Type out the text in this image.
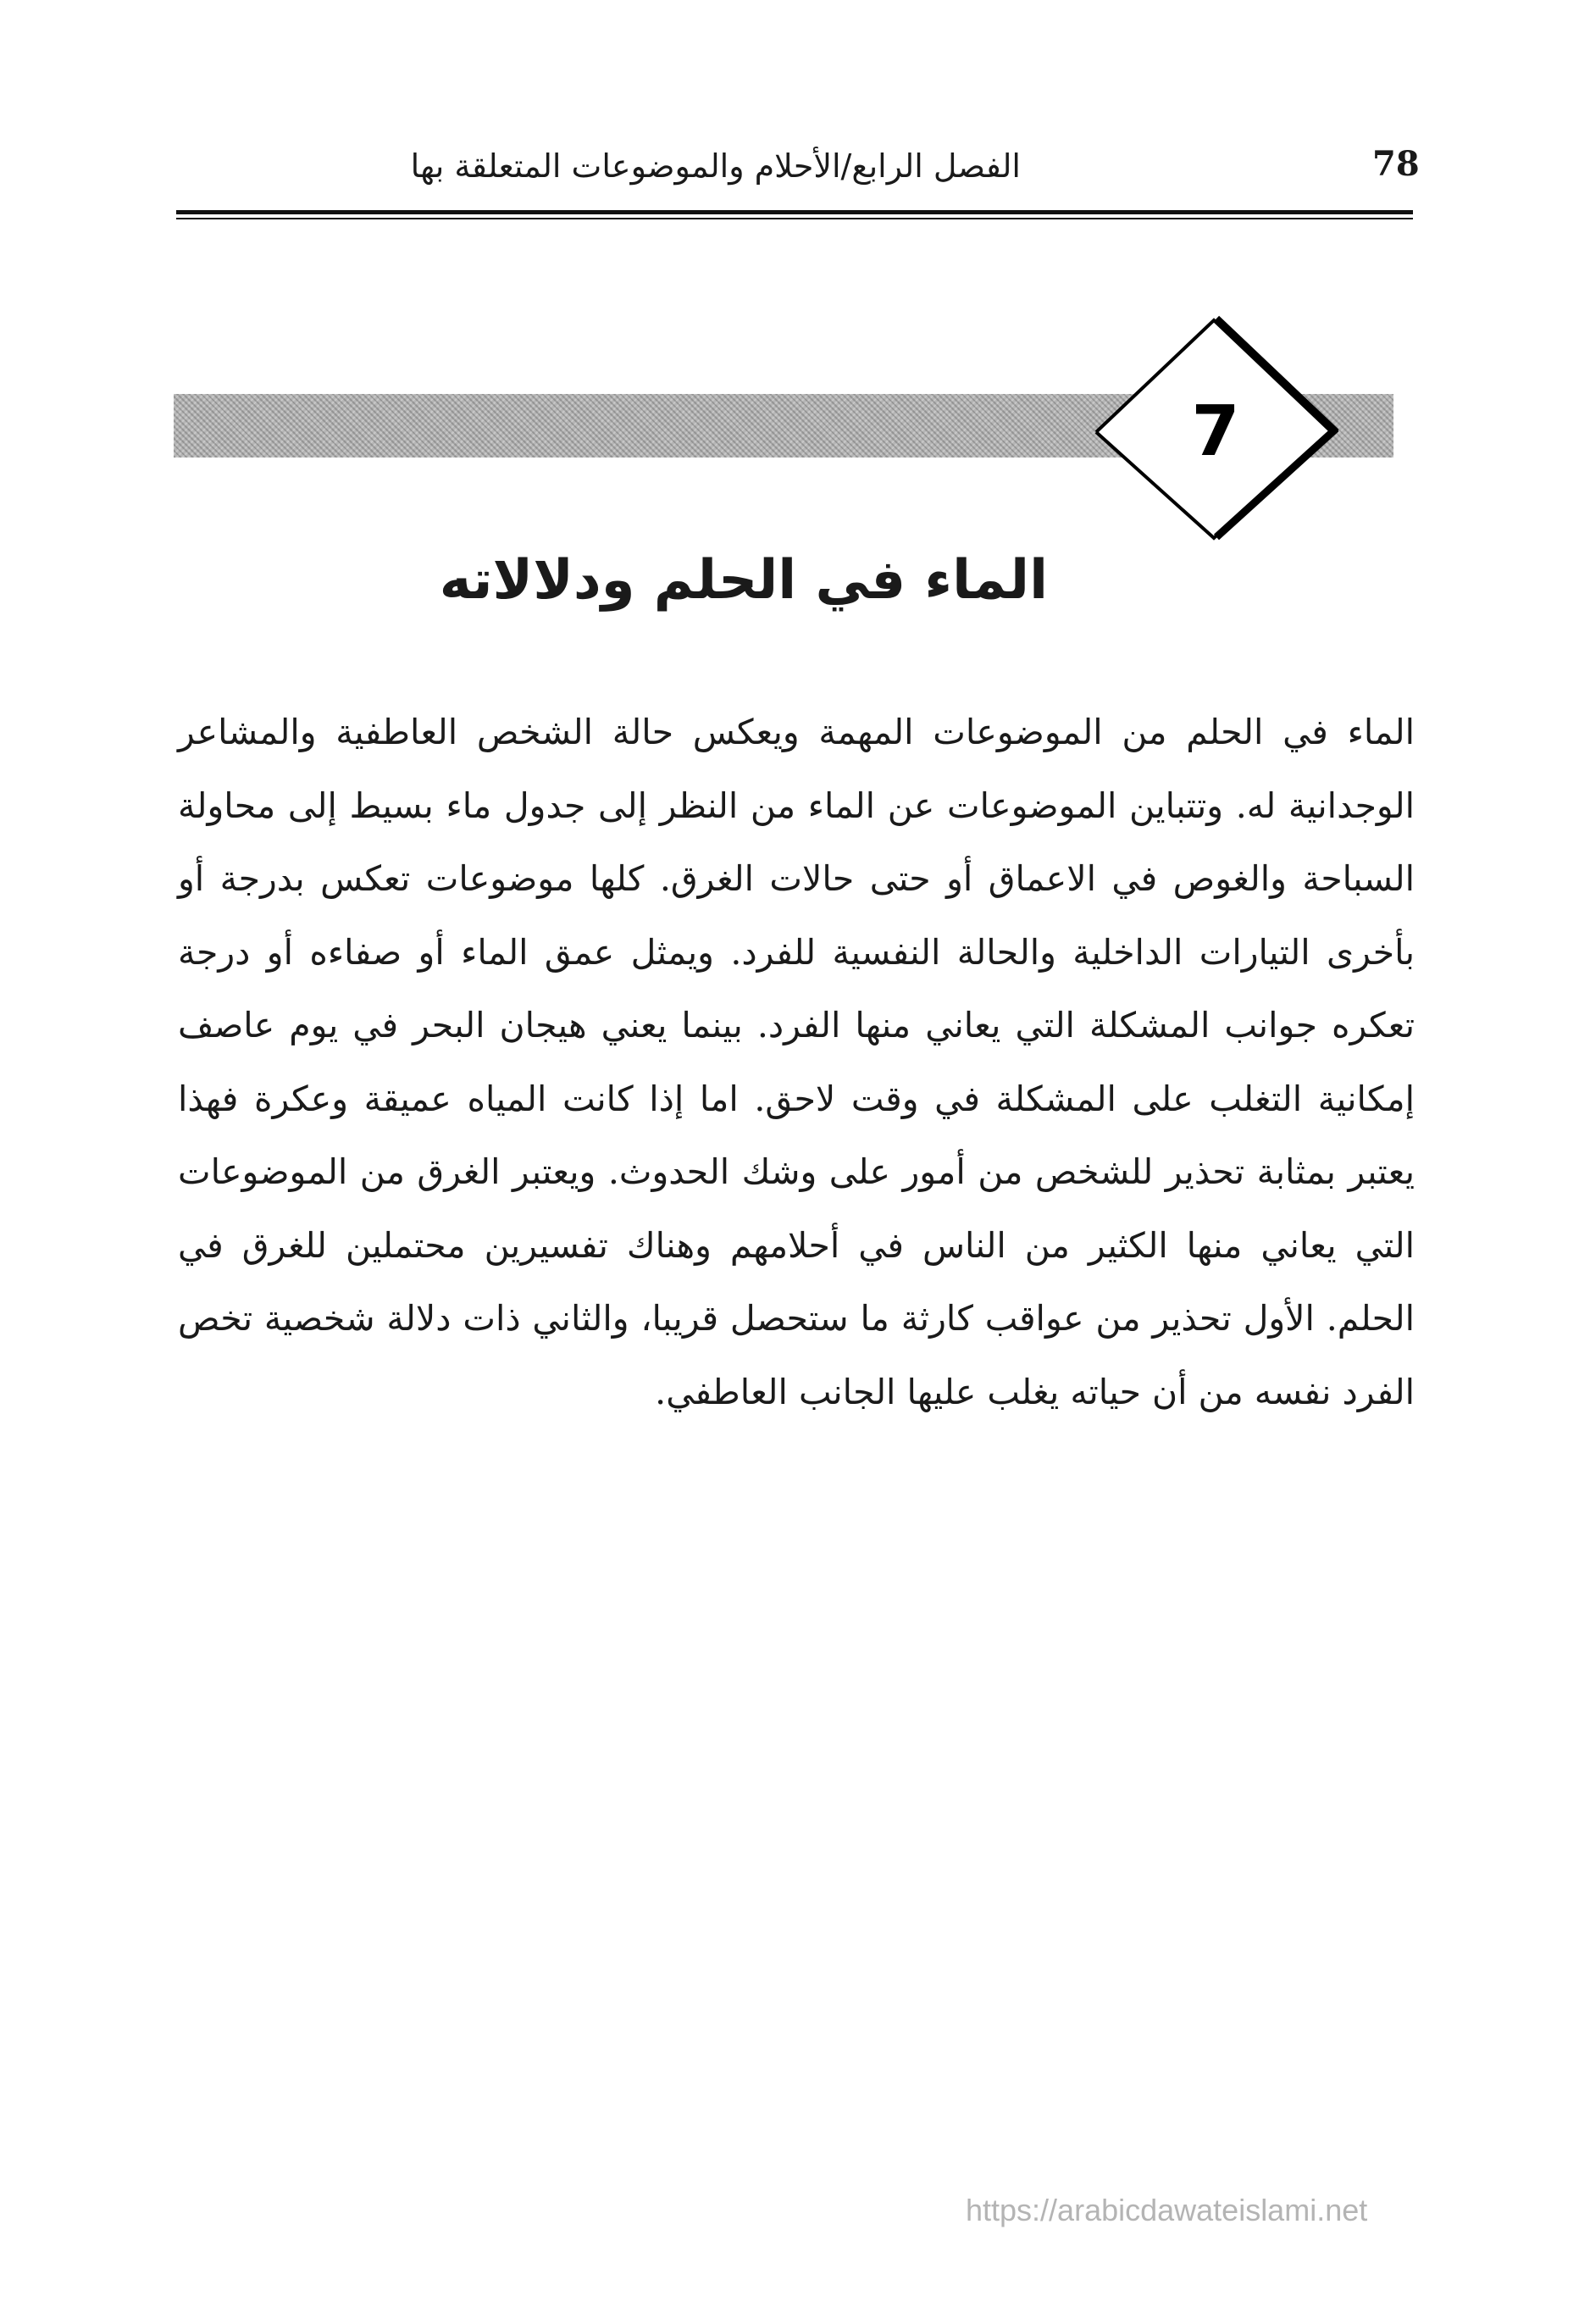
78
الفصل الرابع/الأحلام والموضوعات المتعلقة بها
7
الماء في الحلم ودلالاته

الماء في الحلم من الموضوعات المهمة ويعكس حالة الشخص العاطفية والمشاعر الوجدانية له. وتتباين الموضوعات عن الماء من النظر إلى جدول ماء بسيط إلى محاولة السباحة والغوص في الاعماق أو حتى حالات الغرق. كلها موضوعات تعكس بدرجة أو بأخرى التيارات الداخلية والحالة النفسية للفرد. ويمثل عمق الماء أو صفاءه أو درجة تعكره جوانب المشكلة التي يعاني منها الفرد. بينما يعني هيجان البحر في يوم عاصف إمكانية التغلب على المشكلة في وقت لاحق. اما إذا كانت المياه عميقة وعكرة فهذا يعتبر بمثابة تحذير للشخص من أمور على وشك الحدوث. ويعتبر الغرق من الموضوعات التي يعاني منها الكثير من الناس في أحلامهم وهناك تفسيرين محتملين للغرق في الحلم. الأول تحذير من عواقب كارثة ما ستحصل قريبا، والثاني ذات دلالة شخصية تخص الفرد نفسه من أن حياته يغلب عليها الجانب العاطفي.

https://arabicdawateislami.net
